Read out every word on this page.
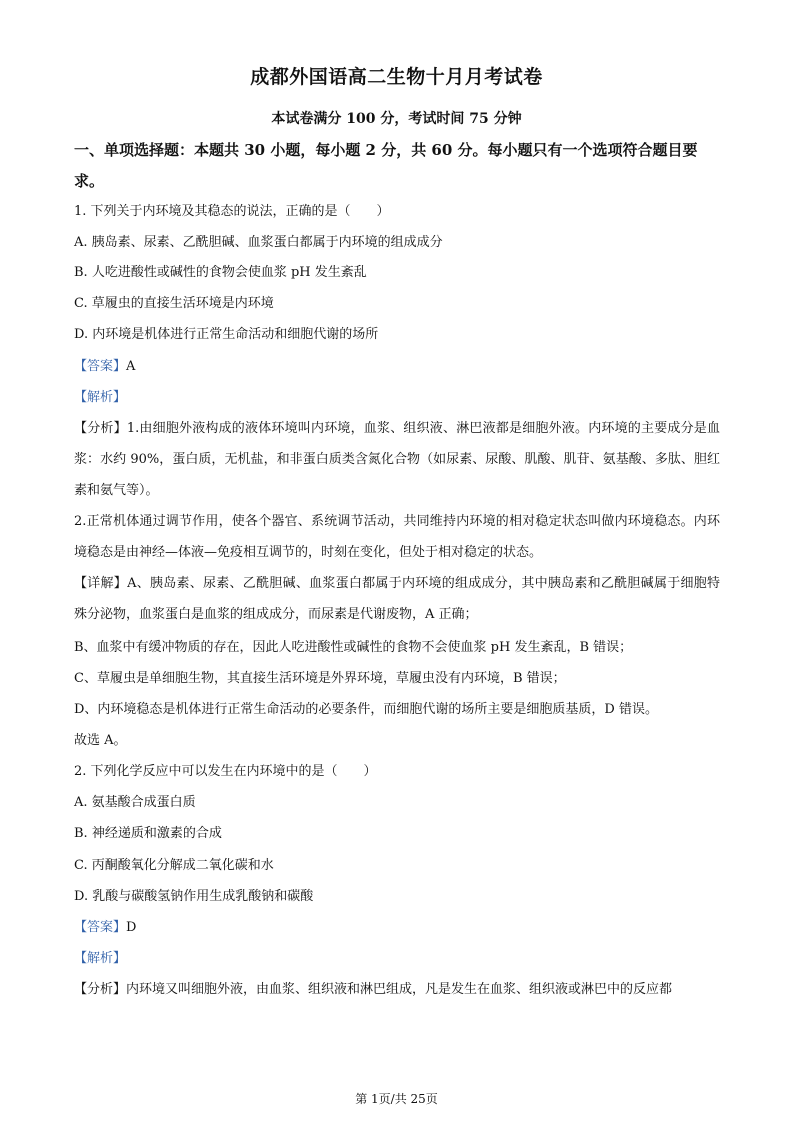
成都外国语高二生物十月月考试卷
本试卷满分 100 分，考试时间 75 分钟
一、单项选择题：本题共 30 小题，每小题 2 分，共 60 分。每小题只有一个选项符合题目要求。
1. 下列关于内环境及其稳态的说法，正确的是（　　）
A. 胰岛素、尿素、乙酰胆碱、血浆蛋白都属于内环境的组成成分
B. 人吃进酸性或碱性的食物会使血浆 pH 发生紊乱
C. 草履虫的直接生活环境是内环境
D. 内环境是机体进行正常生命活动和细胞代谢的场所
【答案】A
【解析】
【分析】1.由细胞外液构成的液体环境叫内环境，血浆、组织液、淋巴液都是细胞外液。内环境的主要成分是血浆：水约 90%，蛋白质，无机盐，和非蛋白质类含氮化合物（如尿素、尿酸、肌酸、肌苷、氨基酸、多肽、胆红素和氨气等）。
2.正常机体通过调节作用，使各个器官、系统调节活动，共同维持内环境的相对稳定状态叫做内环境稳态。内环境稳态是由神经—体液—免疫相互调节的，时刻在变化，但处于相对稳定的状态。
【详解】A、胰岛素、尿素、乙酰胆碱、血浆蛋白都属于内环境的组成成分，其中胰岛素和乙酰胆碱属于细胞特殊分泌物，血浆蛋白是血浆的组成成分，而尿素是代谢废物，A 正确；
B、血浆中有缓冲物质的存在，因此人吃进酸性或碱性的食物不会使血浆 pH 发生紊乱，B 错误；
C、草履虫是单细胞生物，其直接生活环境是外界环境，草履虫没有内环境，B 错误；
D、内环境稳态是机体进行正常生命活动的必要条件，而细胞代谢的场所主要是细胞质基质，D 错误。
故选 A。
2. 下列化学反应中可以发生在内环境中的是（　　）
A. 氨基酸合成蛋白质
B. 神经递质和激素的合成
C. 丙酮酸氧化分解成二氧化碳和水
D. 乳酸与碳酸氢钠作用生成乳酸钠和碳酸
【答案】D
【解析】
【分析】内环境又叫细胞外液，由血浆、组织液和淋巴组成，凡是发生在血浆、组织液或淋巴中的反应都
第 1页/共 25页
